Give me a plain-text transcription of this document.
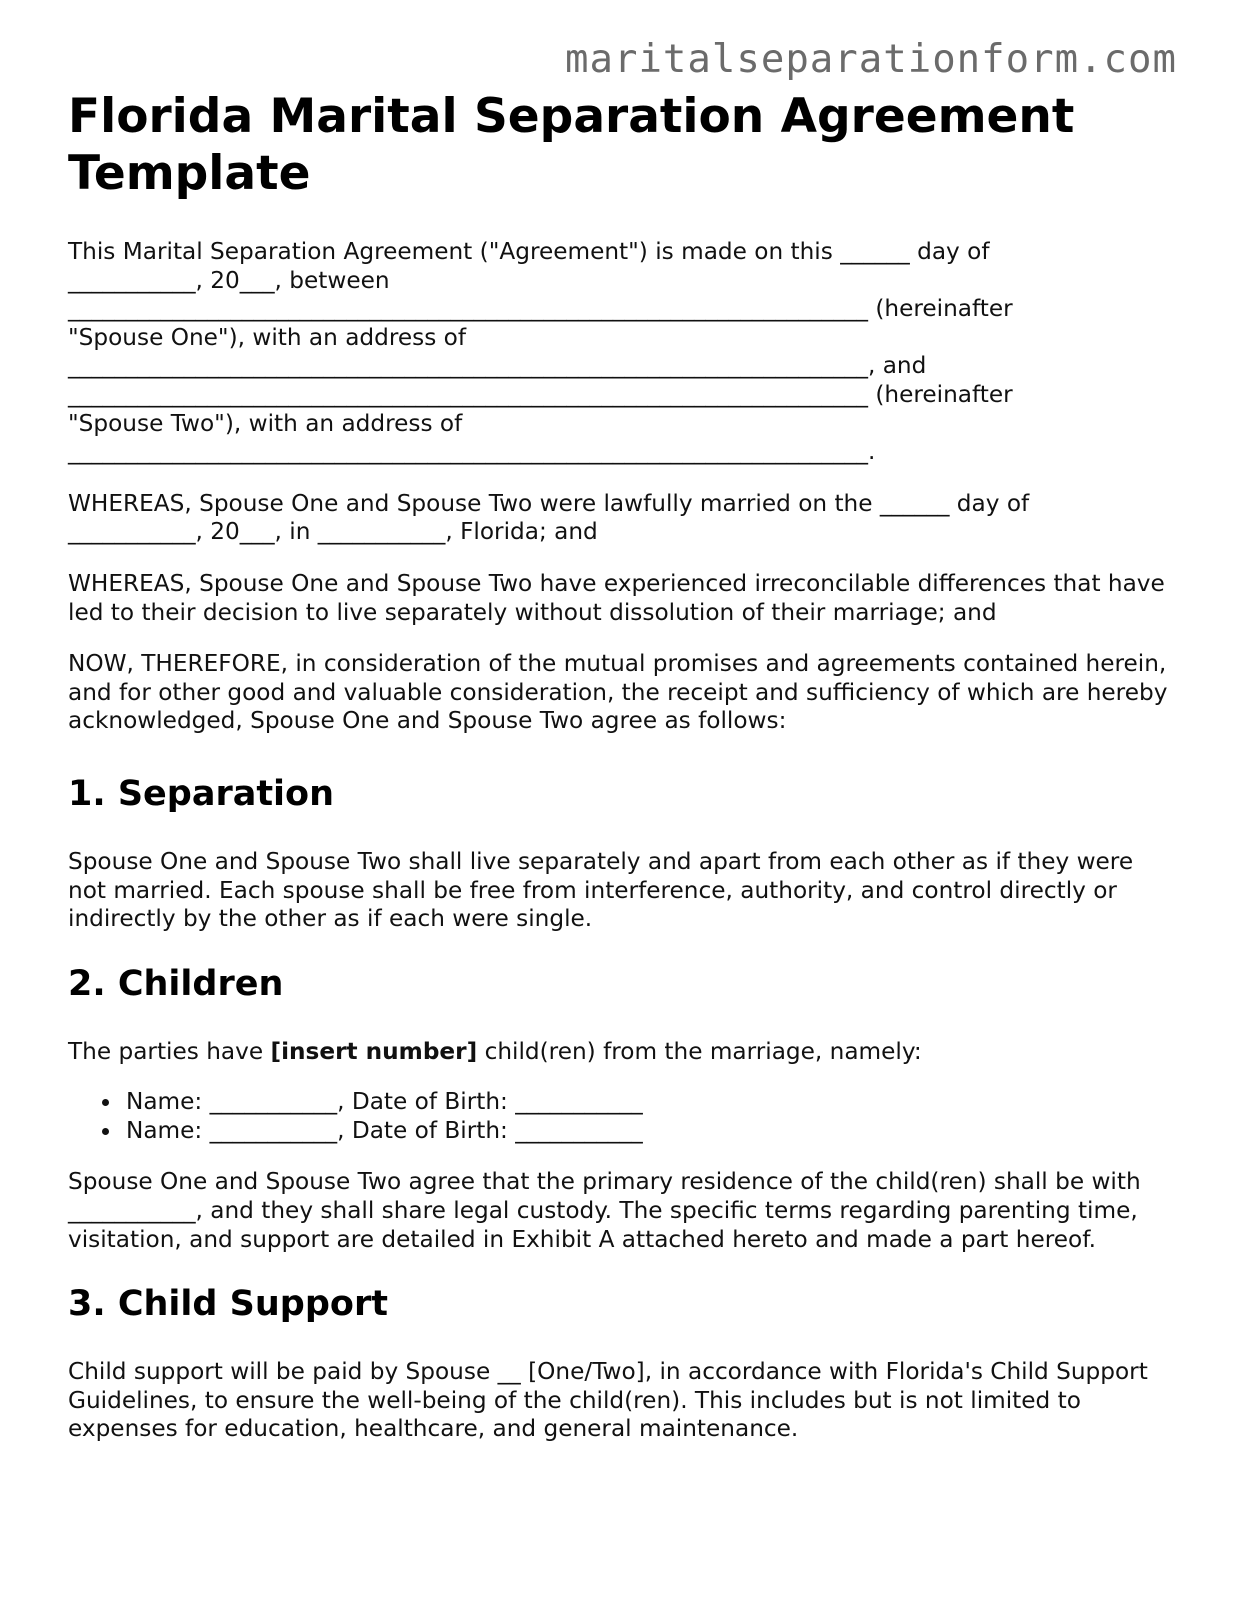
maritalseparationform.com
Florida Marital Separation Agreement Template

This Marital Separation Agreement ("Agreement") is made on this ______ day of
___________, 20___, between
_____________________________________________________________________ (hereinafter
"Spouse One"), with an address of
_____________________________________________________________________, and
_____________________________________________________________________ (hereinafter
"Spouse Two"), with an address of
_____________________________________________________________________.

WHEREAS, Spouse One and Spouse Two were lawfully married on the ______ day of
___________, 20___, in ___________, Florida; and

WHEREAS, Spouse One and Spouse Two have experienced irreconcilable differences that have led to their decision to live separately without dissolution of their marriage; and

NOW, THEREFORE, in consideration of the mutual promises and agreements contained herein, and for other good and valuable consideration, the receipt and sufficiency of which are hereby acknowledged, Spouse One and Spouse Two agree as follows:

1. Separation

Spouse One and Spouse Two shall live separately and apart from each other as if they were not married. Each spouse shall be free from interference, authority, and control directly or indirectly by the other as if each were single.

2. Children

The parties have [insert number] child(ren) from the marriage, namely:

Name: ___________, Date of Birth: ___________
Name: ___________, Date of Birth: ___________

Spouse One and Spouse Two agree that the primary residence of the child(ren) shall be with ___________, and they shall share legal custody. The specific terms regarding parenting time, visitation, and support are detailed in Exhibit A attached hereto and made a part hereof.

3. Child Support

Child support will be paid by Spouse __ [One/Two], in accordance with Florida's Child Support Guidelines, to ensure the well-being of the child(ren). This includes but is not limited to expenses for education, healthcare, and general maintenance.
